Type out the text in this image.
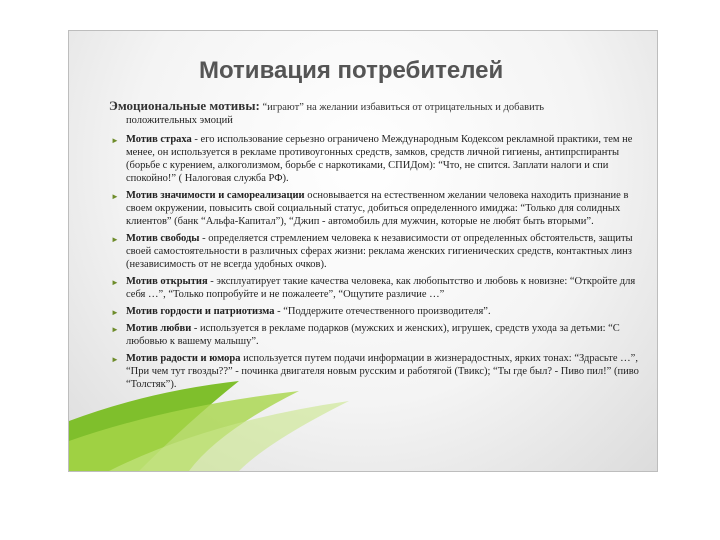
Мотивация потребителей
Эмоциональные мотивы: “играют” на желании избавиться от отрицательных и добавить
положительных эмоций
► Мотив страха - его использование серьезно ограничено Международным Кодексом рекламной практики, тем не менее, он используется в рекламе противоугонных средств, замков, средств личной гигиены, антипрспиранты (борьбе с курением, алкоголизмом, борьбе с наркотиками, СПИДом): “Что, не спится. Заплати налоги и спи спокойно!” ( Налоговая служба РФ).
► Мотив значимости и самореализации основывается на естественном желании человека находить признание в своем окружении, повысить свой социальный статус, добиться определенного имиджа: “Только для солидных клиентов” (банк “Альфа-Капитал”), “Джип - автомобиль для мужчин, которые не любят быть вторыми”.
► Мотив свободы - определяется стремлением человека к независимости от определенных обстоятельств, защиты своей самостоятельности в различных сферах жизни: реклама женских гигиенических средств, контактных линз (независимость от не всегда удобных очков).
► Мотив открытия - эксплуатирует такие качества человека, как любопытство и любовь к новизне: “Откройте для себя …”, “Только попробуйте и не пожалеете”, “Ощутите различие …”
► Мотив гордости и патриотизма - “Поддержите отечественного производителя”.
► Мотив любви - используется в рекламе подарков (мужских и женских), игрушек, средств ухода за детьми: “С любовью к вашему малышу”.
► Мотив радости и юмора используется путем подачи информации в жизнерадостных, ярких тонах: “Здрасьте …”, “При чем тут гвозды??” - починка двигателя новым русским и работягой (Твикс); “Ты где был? - Пиво пил!” (пиво “Толстяк”).
